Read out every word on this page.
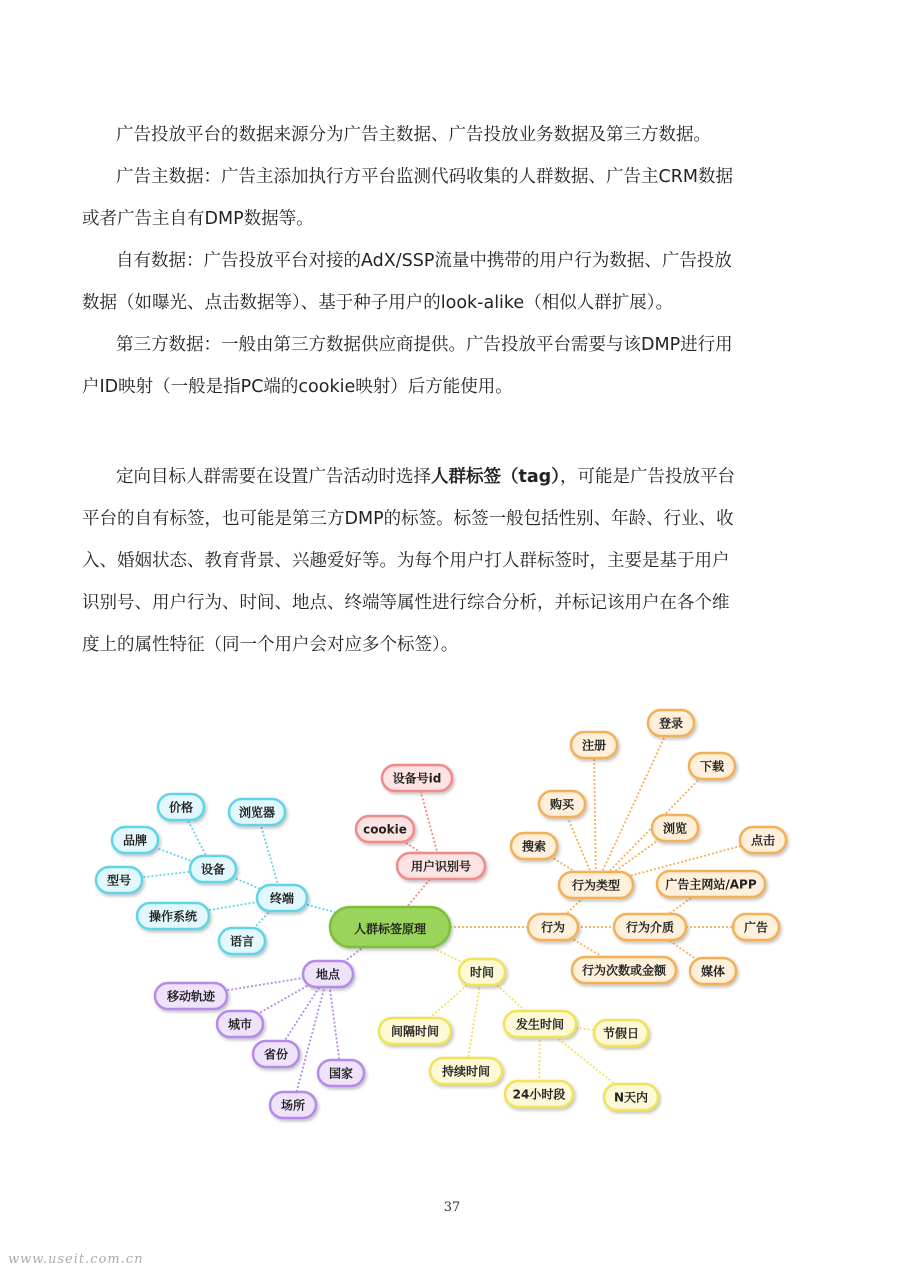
广告投放平台的数据来源分为广告主数据、广告投放业务数据及第三方数据。
广告主数据：广告主添加执行方平台监测代码收集的人群数据、广告主CRM数据
或者广告主自有DMP数据等。
自有数据：广告投放平台对接的AdX/SSP流量中携带的用户行为数据、广告投放
数据（如曝光、点击数据等）、基于种子用户的look-alike（相似人群扩展）。
第三方数据：一般由第三方数据供应商提供。广告投放平台需要与该DMP进行用
户ID映射（一般是指PC端的cookie映射）后方能使用。
定向目标人群需要在设置广告活动时选择人群标签（tag），可能是广告投放平台
平台的自有标签，也可能是第三方DMP的标签。标签一般包括性别、年龄、行业、收
入、婚姻状态、教育背景、兴趣爱好等。为每个用户打人群标签时，主要是基于用户
识别号、用户行为、时间、地点、终端等属性进行综合分析，并标记该用户在各个维
度上的属性特征（同一个用户会对应多个标签）。
人群标签原理
用户识别号
设备号id
cookie
行为
行为类型
行为介质
行为次数或金额
注册
登录
下载
购买
浏览
搜索	点击
广告主网站/APP
广告
媒体
终端
设备
价格
品牌
型号
浏览器
操作系统
语言
地点
移动轨迹
城市
省份
国家
场所
时间
发生时间
节假日
24小时段	N天内
间隔时间
持续时间
37
www.useit.com.cn
